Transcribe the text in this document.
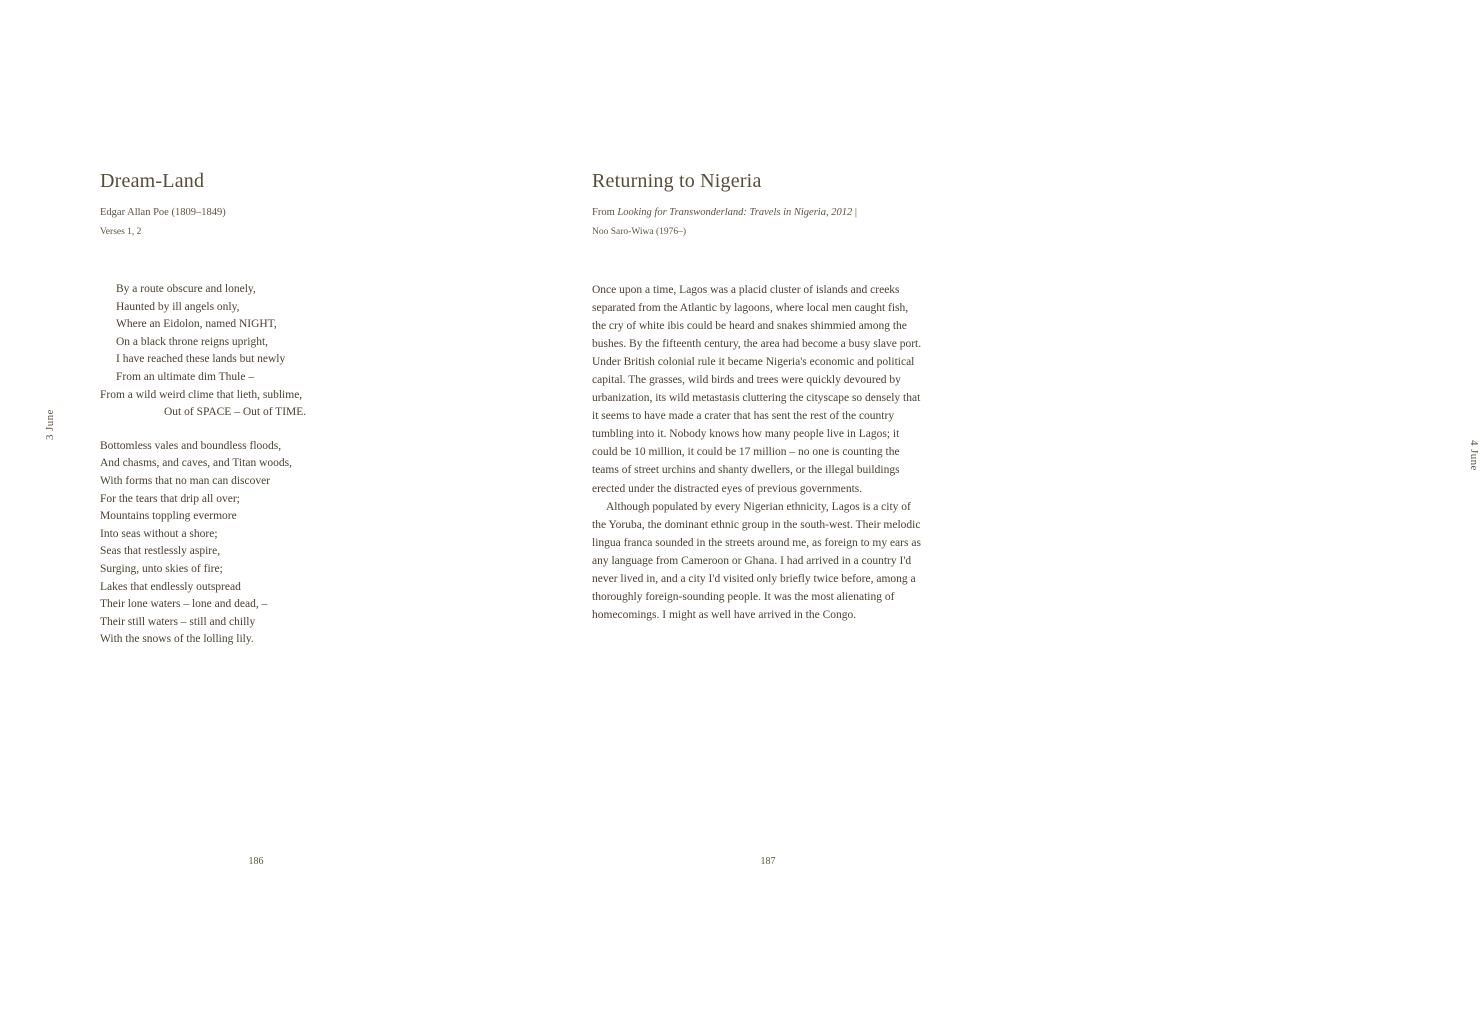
3 June
Dream-Land

Edgar Allan Poe (1809–1849)

Verses 1, 2

By a route obscure and lonely,
Haunted by ill angels only,
Where an Eidolon, named NIGHT,
On a black throne reigns upright,
I have reached these lands but newly
From an ultimate dim Thule –
From a wild weird clime that lieth, sublime,
Out of SPACE – Out of TIME.
Bottomless vales and boundless floods,
And chasms, and caves, and Titan woods,
With forms that no man can discover
For the tears that drip all over;
Mountains toppling evermore
Into seas without a shore;
Seas that restlessly aspire,
Surging, unto skies of fire;
Lakes that endlessly outspread
Their lone waters – lone and dead, –
Their still waters – still and chilly
With the snows of the lolling lily.
186
4 June
Returning to Nigeria

From Looking for Transwonderland: Travels in Nigeria, 2012 |

Noo Saro-Wiwa (1976–)

Once upon a time, Lagos was a placid cluster of islands and creeks separated from the Atlantic by lagoons, where local men caught fish, the cry of white ibis could be heard and snakes shimmied among the bushes. By the fifteenth century, the area had become a busy slave port. Under British colonial rule it became Nigeria's economic and political capital. The grasses, wild birds and trees were quickly devoured by urbanization, its wild metastasis cluttering the cityscape so densely that it seems to have made a crater that has sent the rest of the country tumbling into it. Nobody knows how many people live in Lagos; it could be 10 million, it could be 17 million – no one is counting the teams of street urchins and shanty dwellers, or the illegal buildings erected under the distracted eyes of previous governments.

Although populated by every Nigerian ethnicity, Lagos is a city of the Yoruba, the dominant ethnic group in the south-west. Their melodic lingua franca sounded in the streets around me, as foreign to my ears as any language from Cameroon or Ghana. I had arrived in a country I'd never lived in, and a city I'd visited only briefly twice before, among a thoroughly foreign-sounding people. It was the most alienating of homecomings. I might as well have arrived in the Congo.

187
